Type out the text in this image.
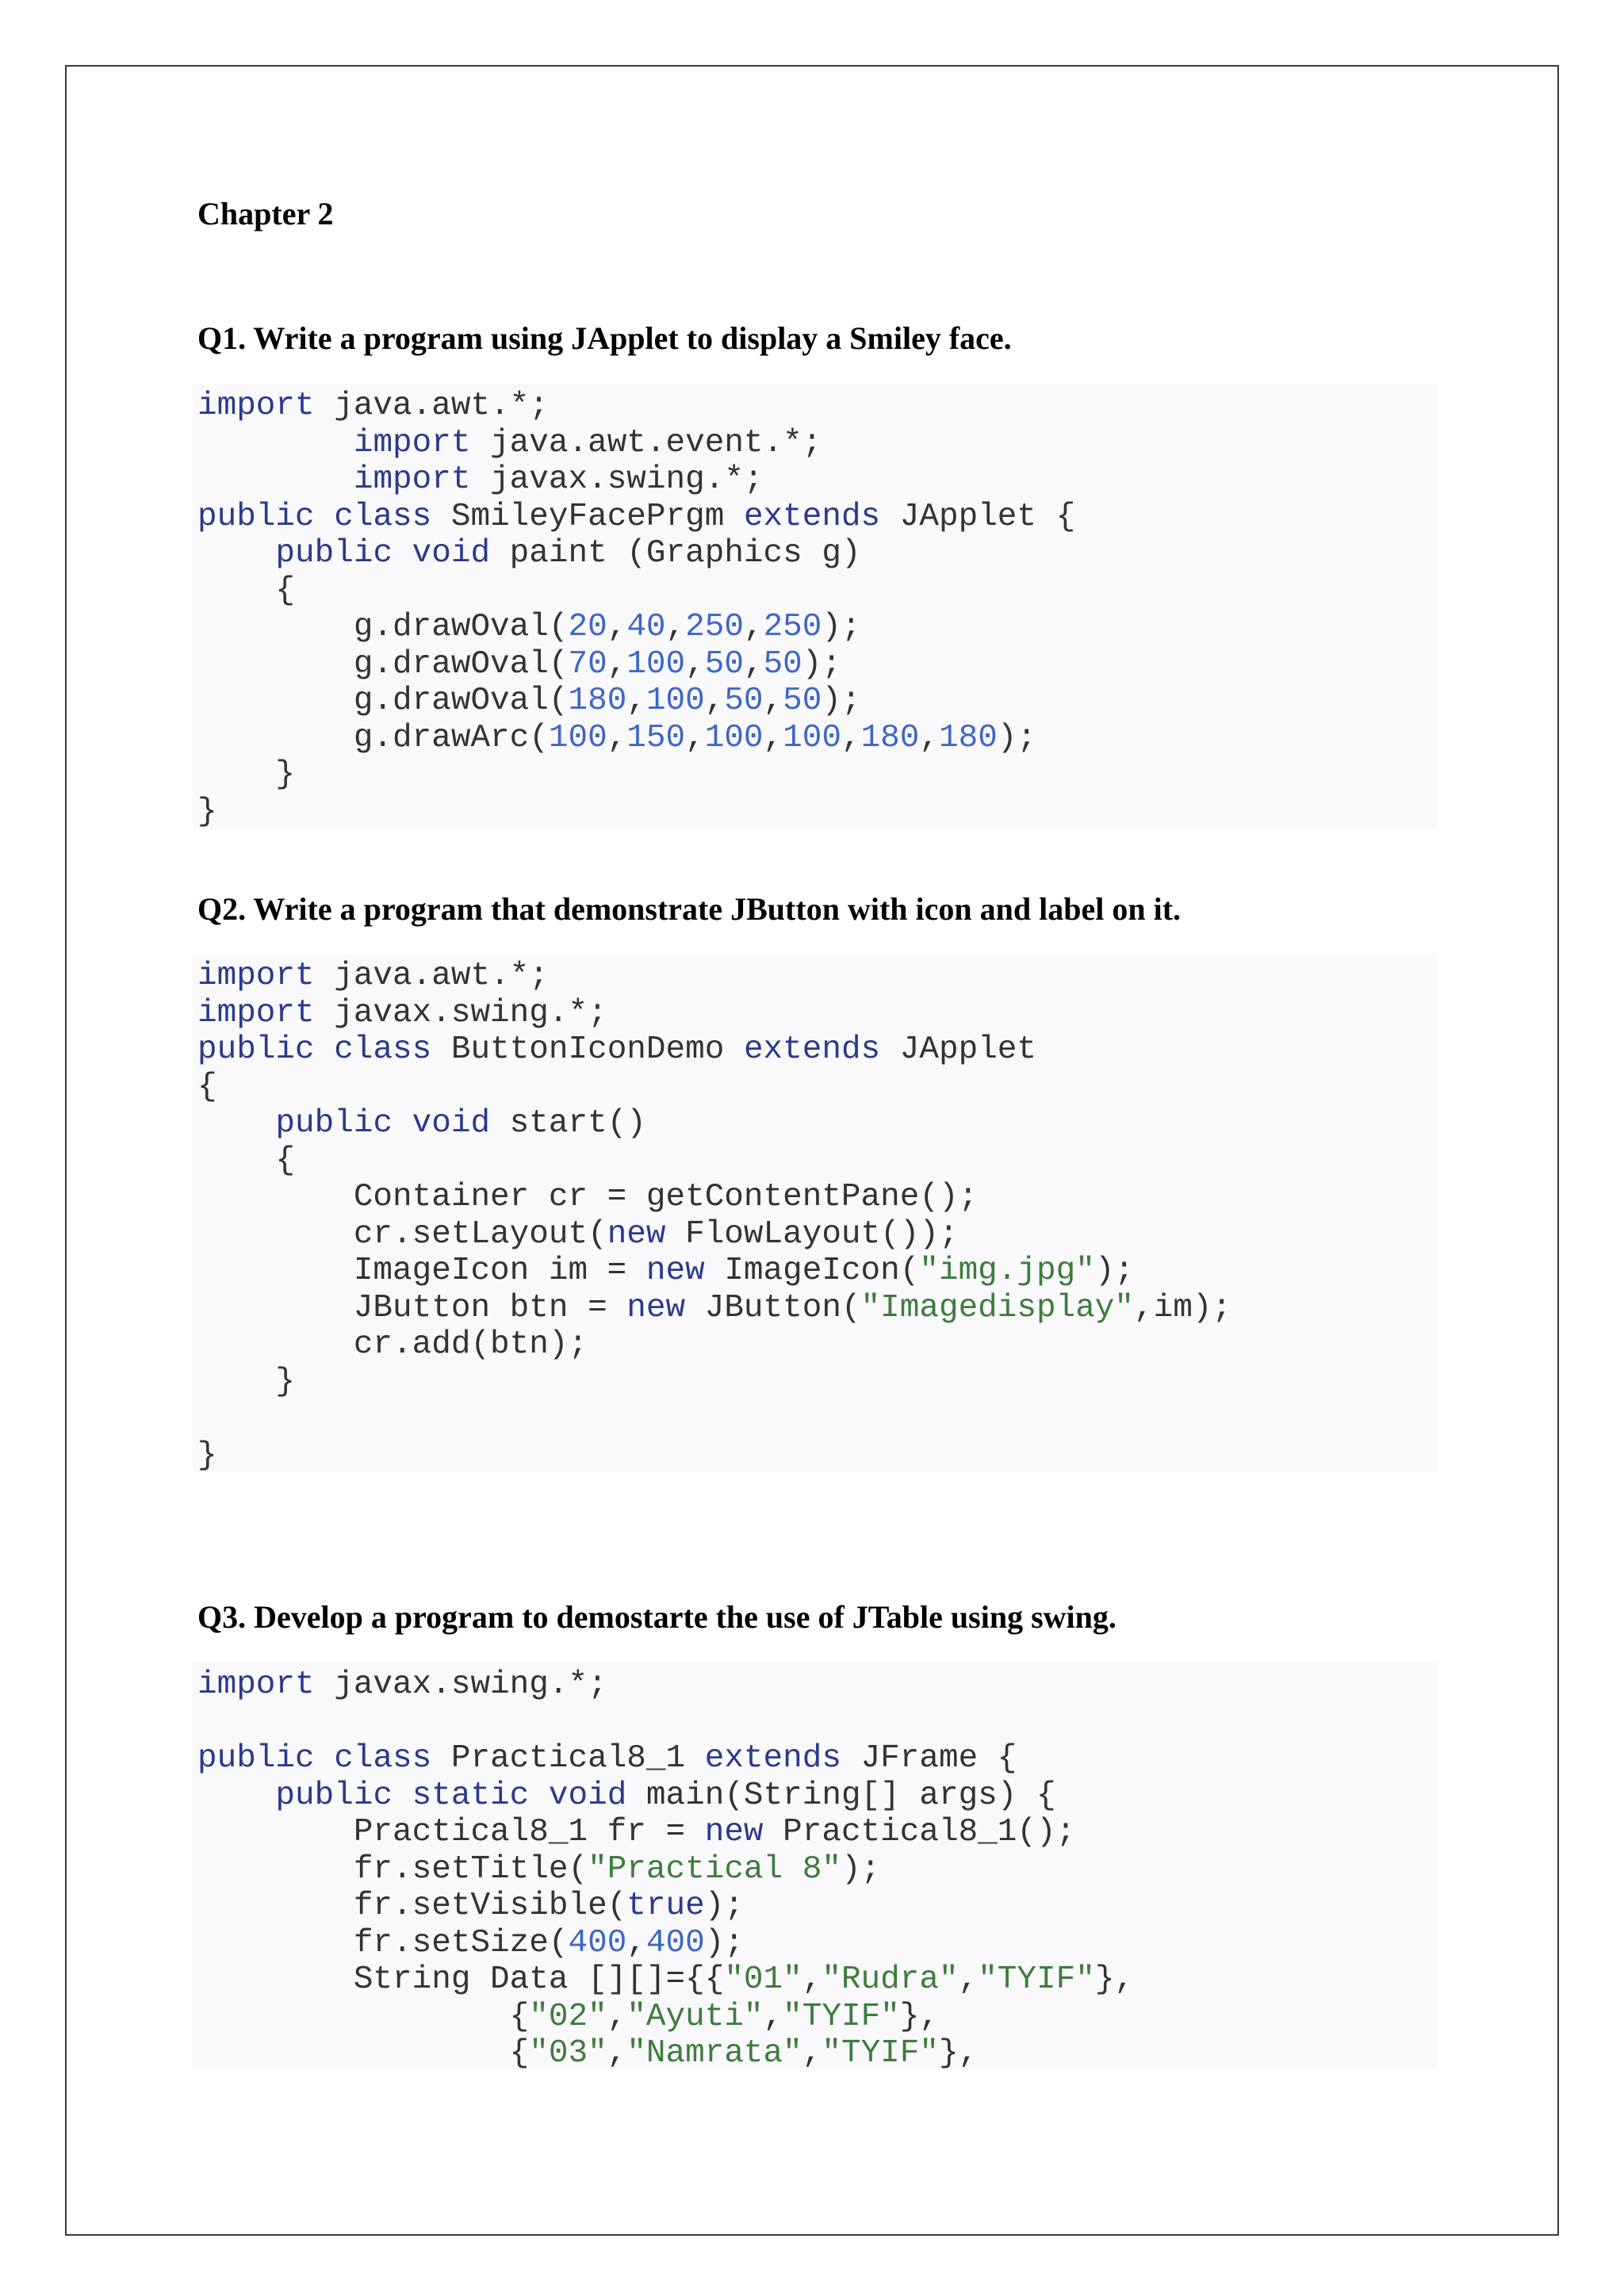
Chapter 2
Q1. Write a program using JApplet to display a Smiley face.
import java.awt.*;
import java.awt.event.*;
import javax.swing.*;
public class SmileyFacePrgm extends JApplet {
public void paint (Graphics g)
{
g.drawOval(20,40,250,250);
g.drawOval(70,100,50,50);
g.drawOval(180,100,50,50);
g.drawArc(100,150,100,100,180,180);
}
}
Q2. Write a program that demonstrate JButton with icon and label on it.
import java.awt.*;
import javax.swing.*;
public class ButtonIconDemo extends JApplet
{
public void start()
{
Container cr = getContentPane();
cr.setLayout(new FlowLayout());
ImageIcon im = new ImageIcon("img.jpg");
JButton btn = new JButton("Imagedisplay",im);
cr.add(btn);
}
}
Q3. Develop a program to demostarte the use of JTable using swing.
import javax.swing.*;
public class Practical8_1 extends JFrame {
public static void main(String[] args) {
Practical8_1 fr = new Practical8_1();
fr.setTitle("Practical 8");
fr.setVisible(true);
fr.setSize(400,400);
String Data [][]={{"01","Rudra","TYIF"},
{"02","Ayuti","TYIF"},
{"03","Namrata","TYIF"},
